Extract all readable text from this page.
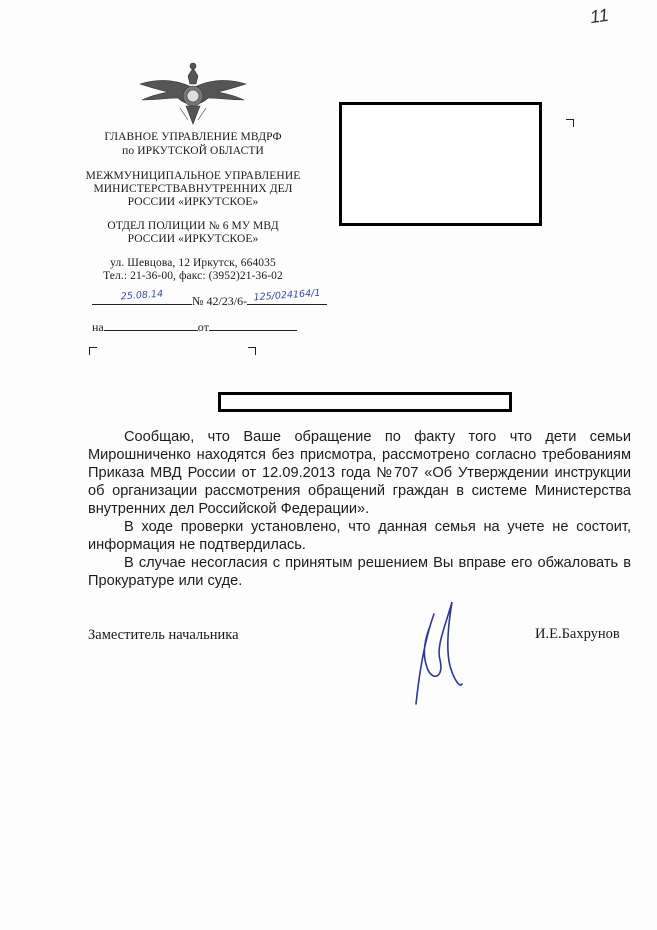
11
ГЛАВНОЕ УПРАВЛЕНИЕ МВДРФ
по ИРКУТСКОЙ ОБЛАСТИ
МЕЖМУНИЦИПАЛЬНОЕ УПРАВЛЕНИЕ
МИНИСТЕРСТВАВНУТРЕННИХ ДЕЛ
РОССИИ «ИРКУТСКОЕ»
ОТДЕЛ ПОЛИЦИИ № 6 МУ МВД
РОССИИ «ИРКУТСКОЕ»
ул. Шевцова, 12 Иркутск, 664035
Тел.: 21-36-00, факс: (3952)21-36-02
25.08.14	№ 42/23/6- 125/024164/1
на	от

Сообщаю, что Ваше обращение по факту того что дети семьи Мирошниченко находятся без присмотра, рассмотрено согласно требованиям Приказа МВД России от 12.09.2013 года №707 «Об Утверждении инструкции об организации рассмотрения обращений граждан в системе Министерства внутренних дел Российской Федерации».

В ходе проверки установлено, что данная семья на учете не состоит, информация не подтвердилась.

В случае несогласия с принятым решением Вы вправе его обжаловать в Прокуратуре или суде.

Заместитель начальника	И.Е.Бахрунов
